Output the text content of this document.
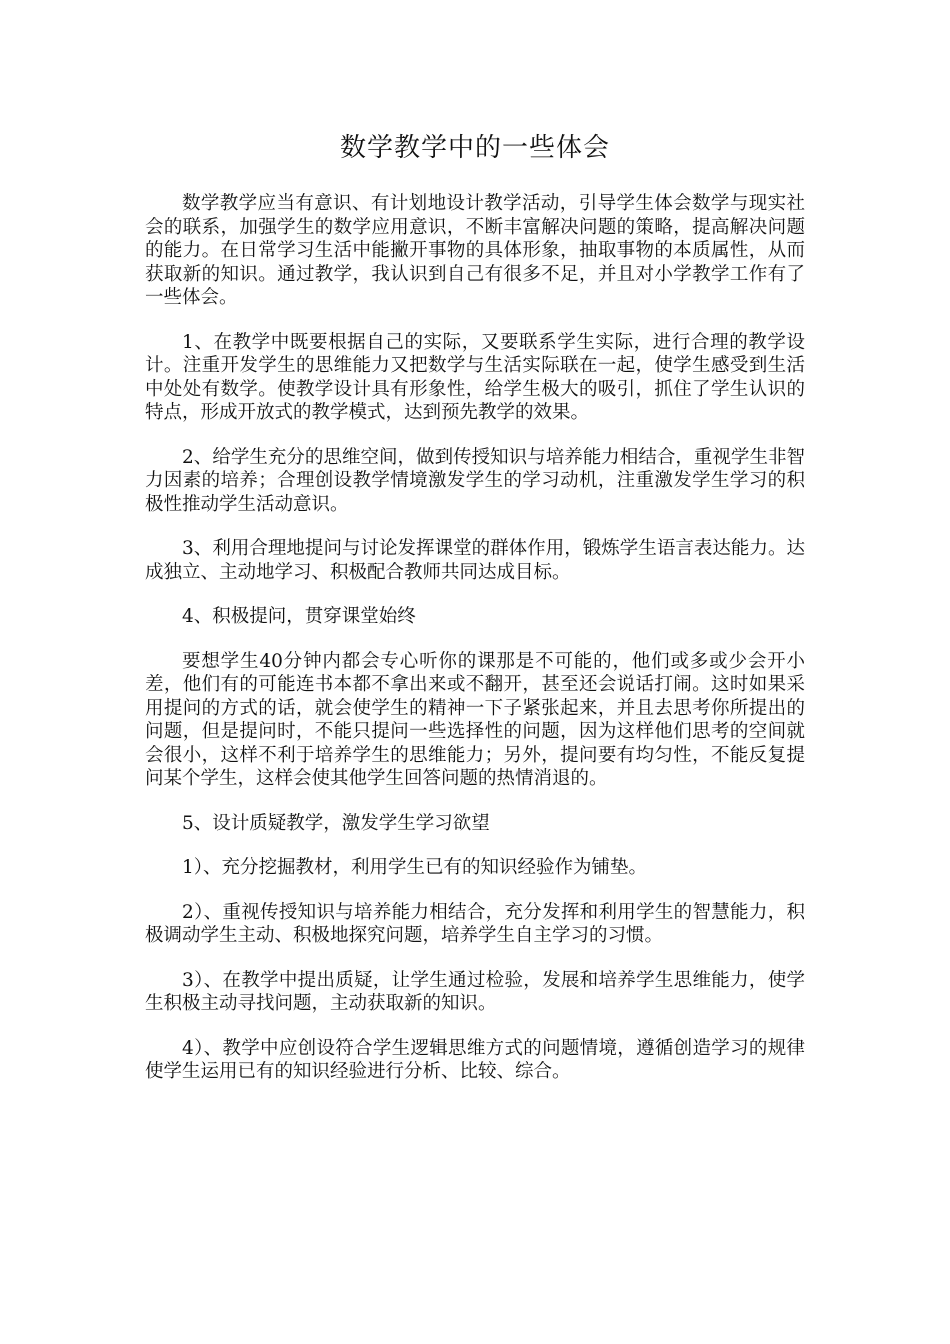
数学教学中的一些体会

数学教学应当有意识、有计划地设计教学活动，引导学生体会数学与现实社会的联系，加强学生的数学应用意识，不断丰富解决问题的策略，提高解决问题的能力。在日常学习生活中能撇开事物的具体形象，抽取事物的本质属性，从而获取新的知识。通过教学，我认识到自己有很多不足，并且对小学教学工作有了一些体会。

1、在教学中既要根据自己的实际，又要联系学生实际，进行合理的教学设计。注重开发学生的思维能力又把数学与生活实际联在一起，使学生感受到生活中处处有数学。使教学设计具有形象性，给学生极大的吸引，抓住了学生认识的特点，形成开放式的教学模式，达到预先教学的效果。

2、给学生充分的思维空间，做到传授知识与培养能力相结合，重视学生非智力因素的培养；合理创设教学情境激发学生的学习动机，注重激发学生学习的积极性推动学生活动意识。

3、利用合理地提问与讨论发挥课堂的群体作用，锻炼学生语言表达能力。达成独立、主动地学习、积极配合教师共同达成目标。

4、积极提问，贯穿课堂始终

要想学生40分钟内都会专心听你的课那是不可能的，他们或多或少会开小差，他们有的可能连书本都不拿出来或不翻开，甚至还会说话打闹。这时如果采用提问的方式的话，就会使学生的精神一下子紧张起来，并且去思考你所提出的问题，但是提问时，不能只提问一些选择性的问题，因为这样他们思考的空间就会很小，这样不利于培养学生的思维能力；另外，提问要有均匀性，不能反复提问某个学生，这样会使其他学生回答问题的热情消退的。

5、设计质疑教学，激发学生学习欲望

1）、充分挖掘教材，利用学生已有的知识经验作为铺垫。

2）、重视传授知识与培养能力相结合，充分发挥和利用学生的智慧能力，积极调动学生主动、积极地探究问题，培养学生自主学习的习惯。

3）、在教学中提出质疑，让学生通过检验，发展和培养学生思维能力，使学生积极主动寻找问题，主动获取新的知识。

4）、教学中应创设符合学生逻辑思维方式的问题情境，遵循创造学习的规律使学生运用已有的知识经验进行分析、比较、综合。
